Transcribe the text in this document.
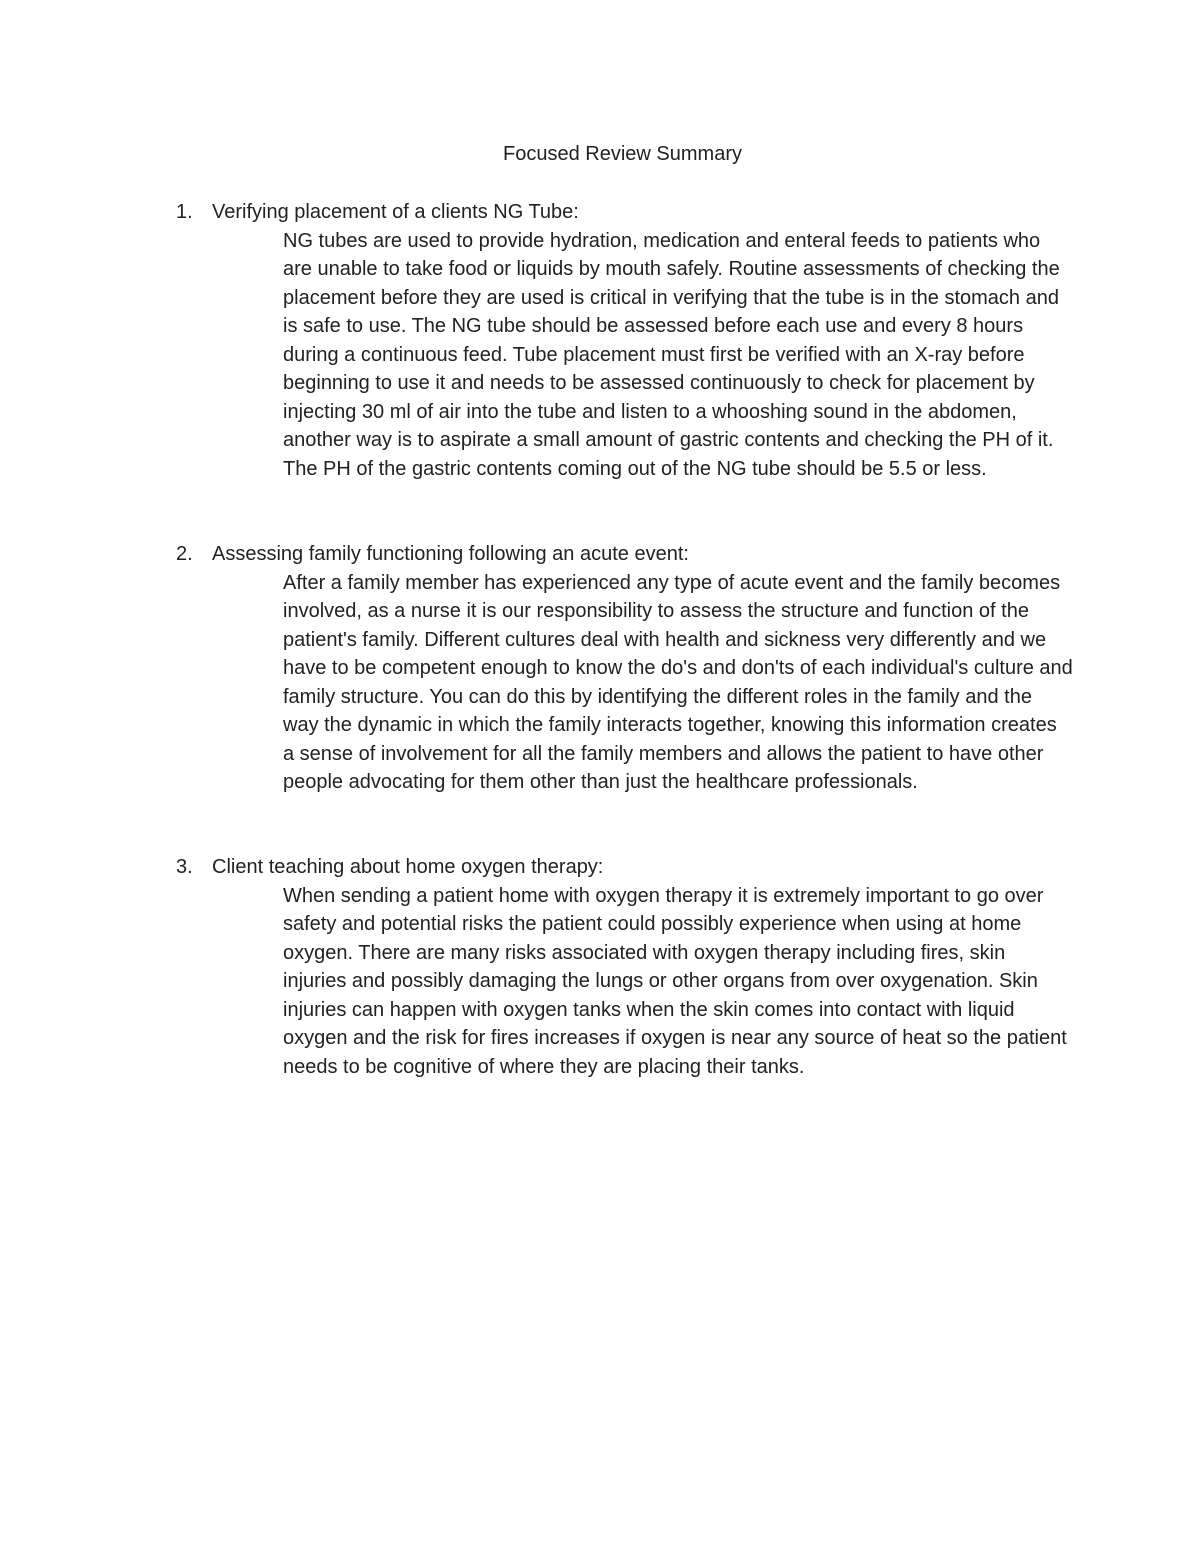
Focused Review Summary
1. Verifying placement of a clients NG Tube:
NG tubes are used to provide hydration, medication and enteral feeds to patients who are unable to take food or liquids by mouth safely. Routine assessments of checking the placement before they are used is critical in verifying that the tube is in the stomach and is safe to use. The NG tube should be assessed before each use and every 8 hours during a continuous feed. Tube placement must first be verified with an X-ray before beginning to use it and needs to be assessed continuously to check for placement by injecting 30 ml of air into the tube and listen to a whooshing sound in the abdomen, another way is to aspirate a small amount of gastric contents and checking the PH of it. The PH of the gastric contents coming out of the NG tube should be 5.5 or less.
2. Assessing family functioning following an acute event:
After a family member has experienced any type of acute event and the family becomes involved, as a nurse it is our responsibility to assess the structure and function of the patient's family. Different cultures deal with health and sickness very differently and we have to be competent enough to know the do's and don'ts of each individual's culture and family structure. You can do this by identifying the different roles in the family and the way the dynamic in which the family interacts together, knowing this information creates a sense of involvement for all the family members and allows the patient to have other people advocating for them other than just the healthcare professionals.
3. Client teaching about home oxygen therapy:
When sending a patient home with oxygen therapy it is extremely important to go over safety and potential risks the patient could possibly experience when using at home oxygen. There are many risks associated with oxygen therapy including fires, skin injuries and possibly damaging the lungs or other organs from over oxygenation. Skin injuries can happen with oxygen tanks when the skin comes into contact with liquid oxygen and the risk for fires increases if oxygen is near any source of heat so the patient needs to be cognitive of where they are placing their tanks.
